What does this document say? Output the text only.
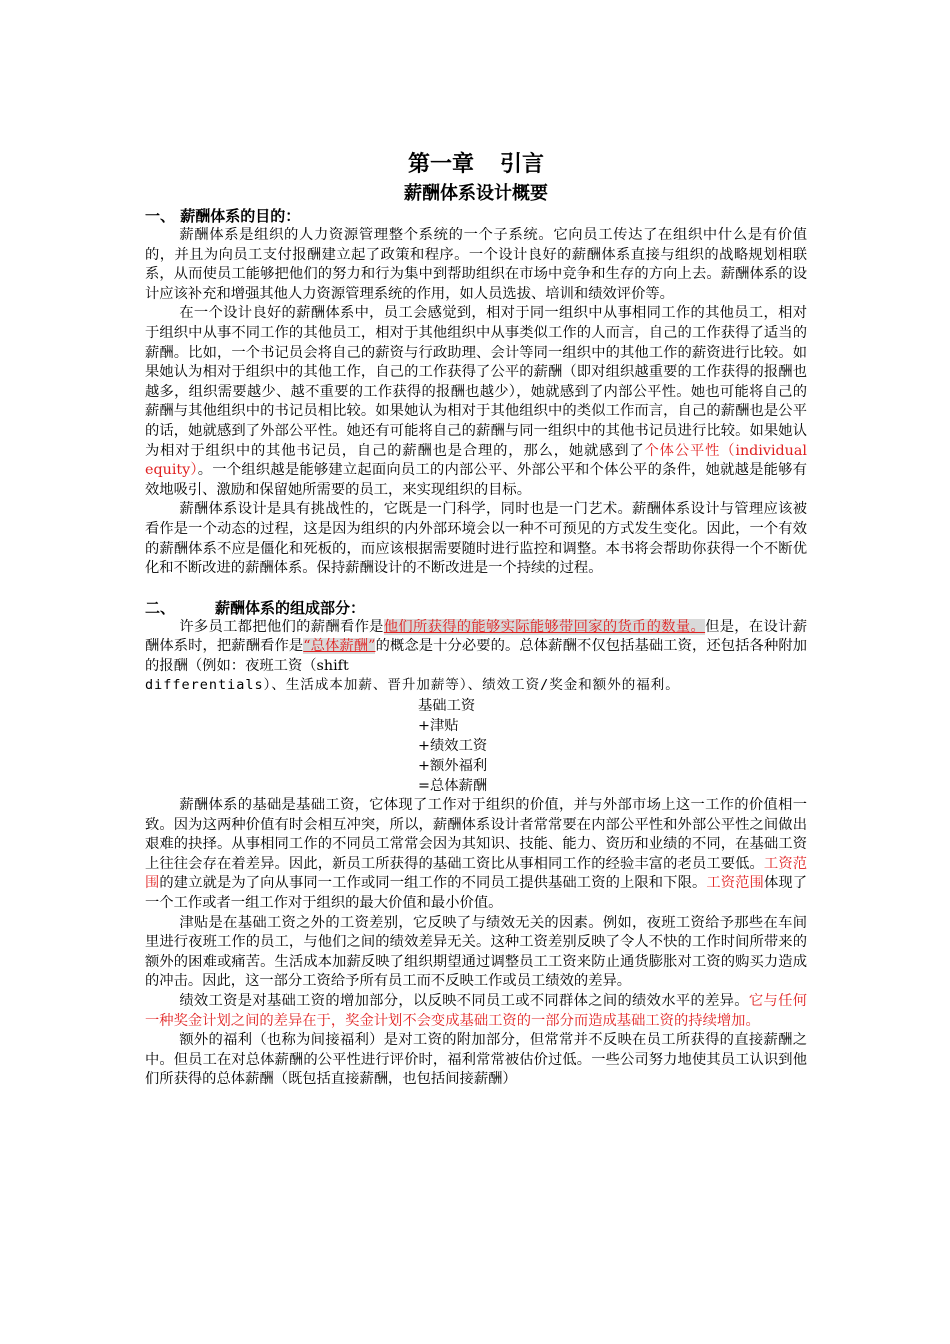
第一章 引言
薪酬体系设计概要
一、 薪酬体系的目的：

薪酬体系是组织的人力资源管理整个系统的一个子系统。它向员工传达了在组织中什么是有价值的，并且为向员工支付报酬建立起了政策和程序。一个设计良好的薪酬体系直接与组织的战略规划相联系，从而使员工能够把他们的努力和行为集中到帮助组织在市场中竞争和生存的方向上去。薪酬体系的设计应该补充和增强其他人力资源管理系统的作用，如人员选拔、培训和绩效评价等。

在一个设计良好的薪酬体系中，员工会感觉到，相对于同一组织中从事相同工作的其他员工，相对于组织中从事不同工作的其他员工，相对于其他组织中从事类似工作的人而言，自己的工作获得了适当的薪酬。比如，一个书记员会将自己的薪资与行政助理、会计等同一组织中的其他工作的薪资进行比较。如果她认为相对于组织中的其他工作，自己的工作获得了公平的薪酬（即对组织越重要的工作获得的报酬也越多，组织需要越少、越不重要的工作获得的报酬也越少），她就感到了内部公平性。她也可能将自己的薪酬与其他组织中的书记员相比较。如果她认为相对于其他组织中的类似工作而言，自己的薪酬也是公平的话，她就感到了外部公平性。她还有可能将自己的薪酬与同一组织中的其他书记员进行比较。如果她认为相对于组织中的其他书记员，自己的薪酬也是合理的，那么，她就感到了个体公平性（individual equity）。一个组织越是能够建立起面向员工的内部公平、外部公平和个体公平的条件，她就越是能够有效地吸引、激励和保留她所需要的员工，来实现组织的目标。

薪酬体系设计是具有挑战性的，它既是一门科学，同时也是一门艺术。薪酬体系设计与管理应该被看作是一个动态的过程，这是因为组织的内外部环境会以一种不可预见的方式发生变化。因此，一个有效的薪酬体系不应是僵化和死板的，而应该根据需要随时进行监控和调整。本书将会帮助你获得一个不断优化和不断改进的薪酬体系。保持薪酬设计的不断改进是一个持续的过程。

二、	薪酬体系的组成部分：

许多员工都把他们的薪酬看作是他们所获得的能够实际能够带回家的货币的数量。但是，在设计薪酬体系时，把薪酬看作是“总体薪酬”的概念是十分必要的。总体薪酬不仅包括基础工资，还包括各种附加的报酬（例如：夜班工资（shift
differentials）、生活成本加薪、晋升加薪等）、绩效工资/奖金和额外的福利。

基础工资
+津贴
+绩效工资
+额外福利
=总体薪酬

薪酬体系的基础是基础工资，它体现了工作对于组织的价值，并与外部市场上这一工作的价值相一致。因为这两种价值有时会相互冲突，所以，薪酬体系设计者常常要在内部公平性和外部公平性之间做出艰难的抉择。从事相同工作的不同员工常常会因为其知识、技能、能力、资历和业绩的不同，在基础工资上往往会存在着差异。因此，新员工所获得的基础工资比从事相同工作的经验丰富的老员工要低。工资范围的建立就是为了向从事同一工作或同一组工作的不同员工提供基础工资的上限和下限。工资范围体现了一个工作或者一组工作对于组织的最大价值和最小价值。

津贴是在基础工资之外的工资差别，它反映了与绩效无关的因素。例如，夜班工资给予那些在车间里进行夜班工作的员工，与他们之间的绩效差异无关。这种工资差别反映了令人不快的工作时间所带来的额外的困难或痛苦。生活成本加薪反映了组织期望通过调整员工工资来防止通货膨胀对工资的购买力造成的冲击。因此，这一部分工资给予所有员工而不反映工作或员工绩效的差异。

绩效工资是对基础工资的增加部分，以反映不同员工或不同群体之间的绩效水平的差异。它与任何一种奖金计划之间的差异在于，奖金计划不会变成基础工资的一部分而造成基础工资的持续增加。

额外的福利（也称为间接福利）是对工资的附加部分，但常常并不反映在员工所获得的直接薪酬之中。但员工在对总体薪酬的公平性进行评价时，福利常常被估价过低。一些公司努力地使其员工认识到他们所获得的总体薪酬（既包括直接薪酬，也包括间接薪酬）
